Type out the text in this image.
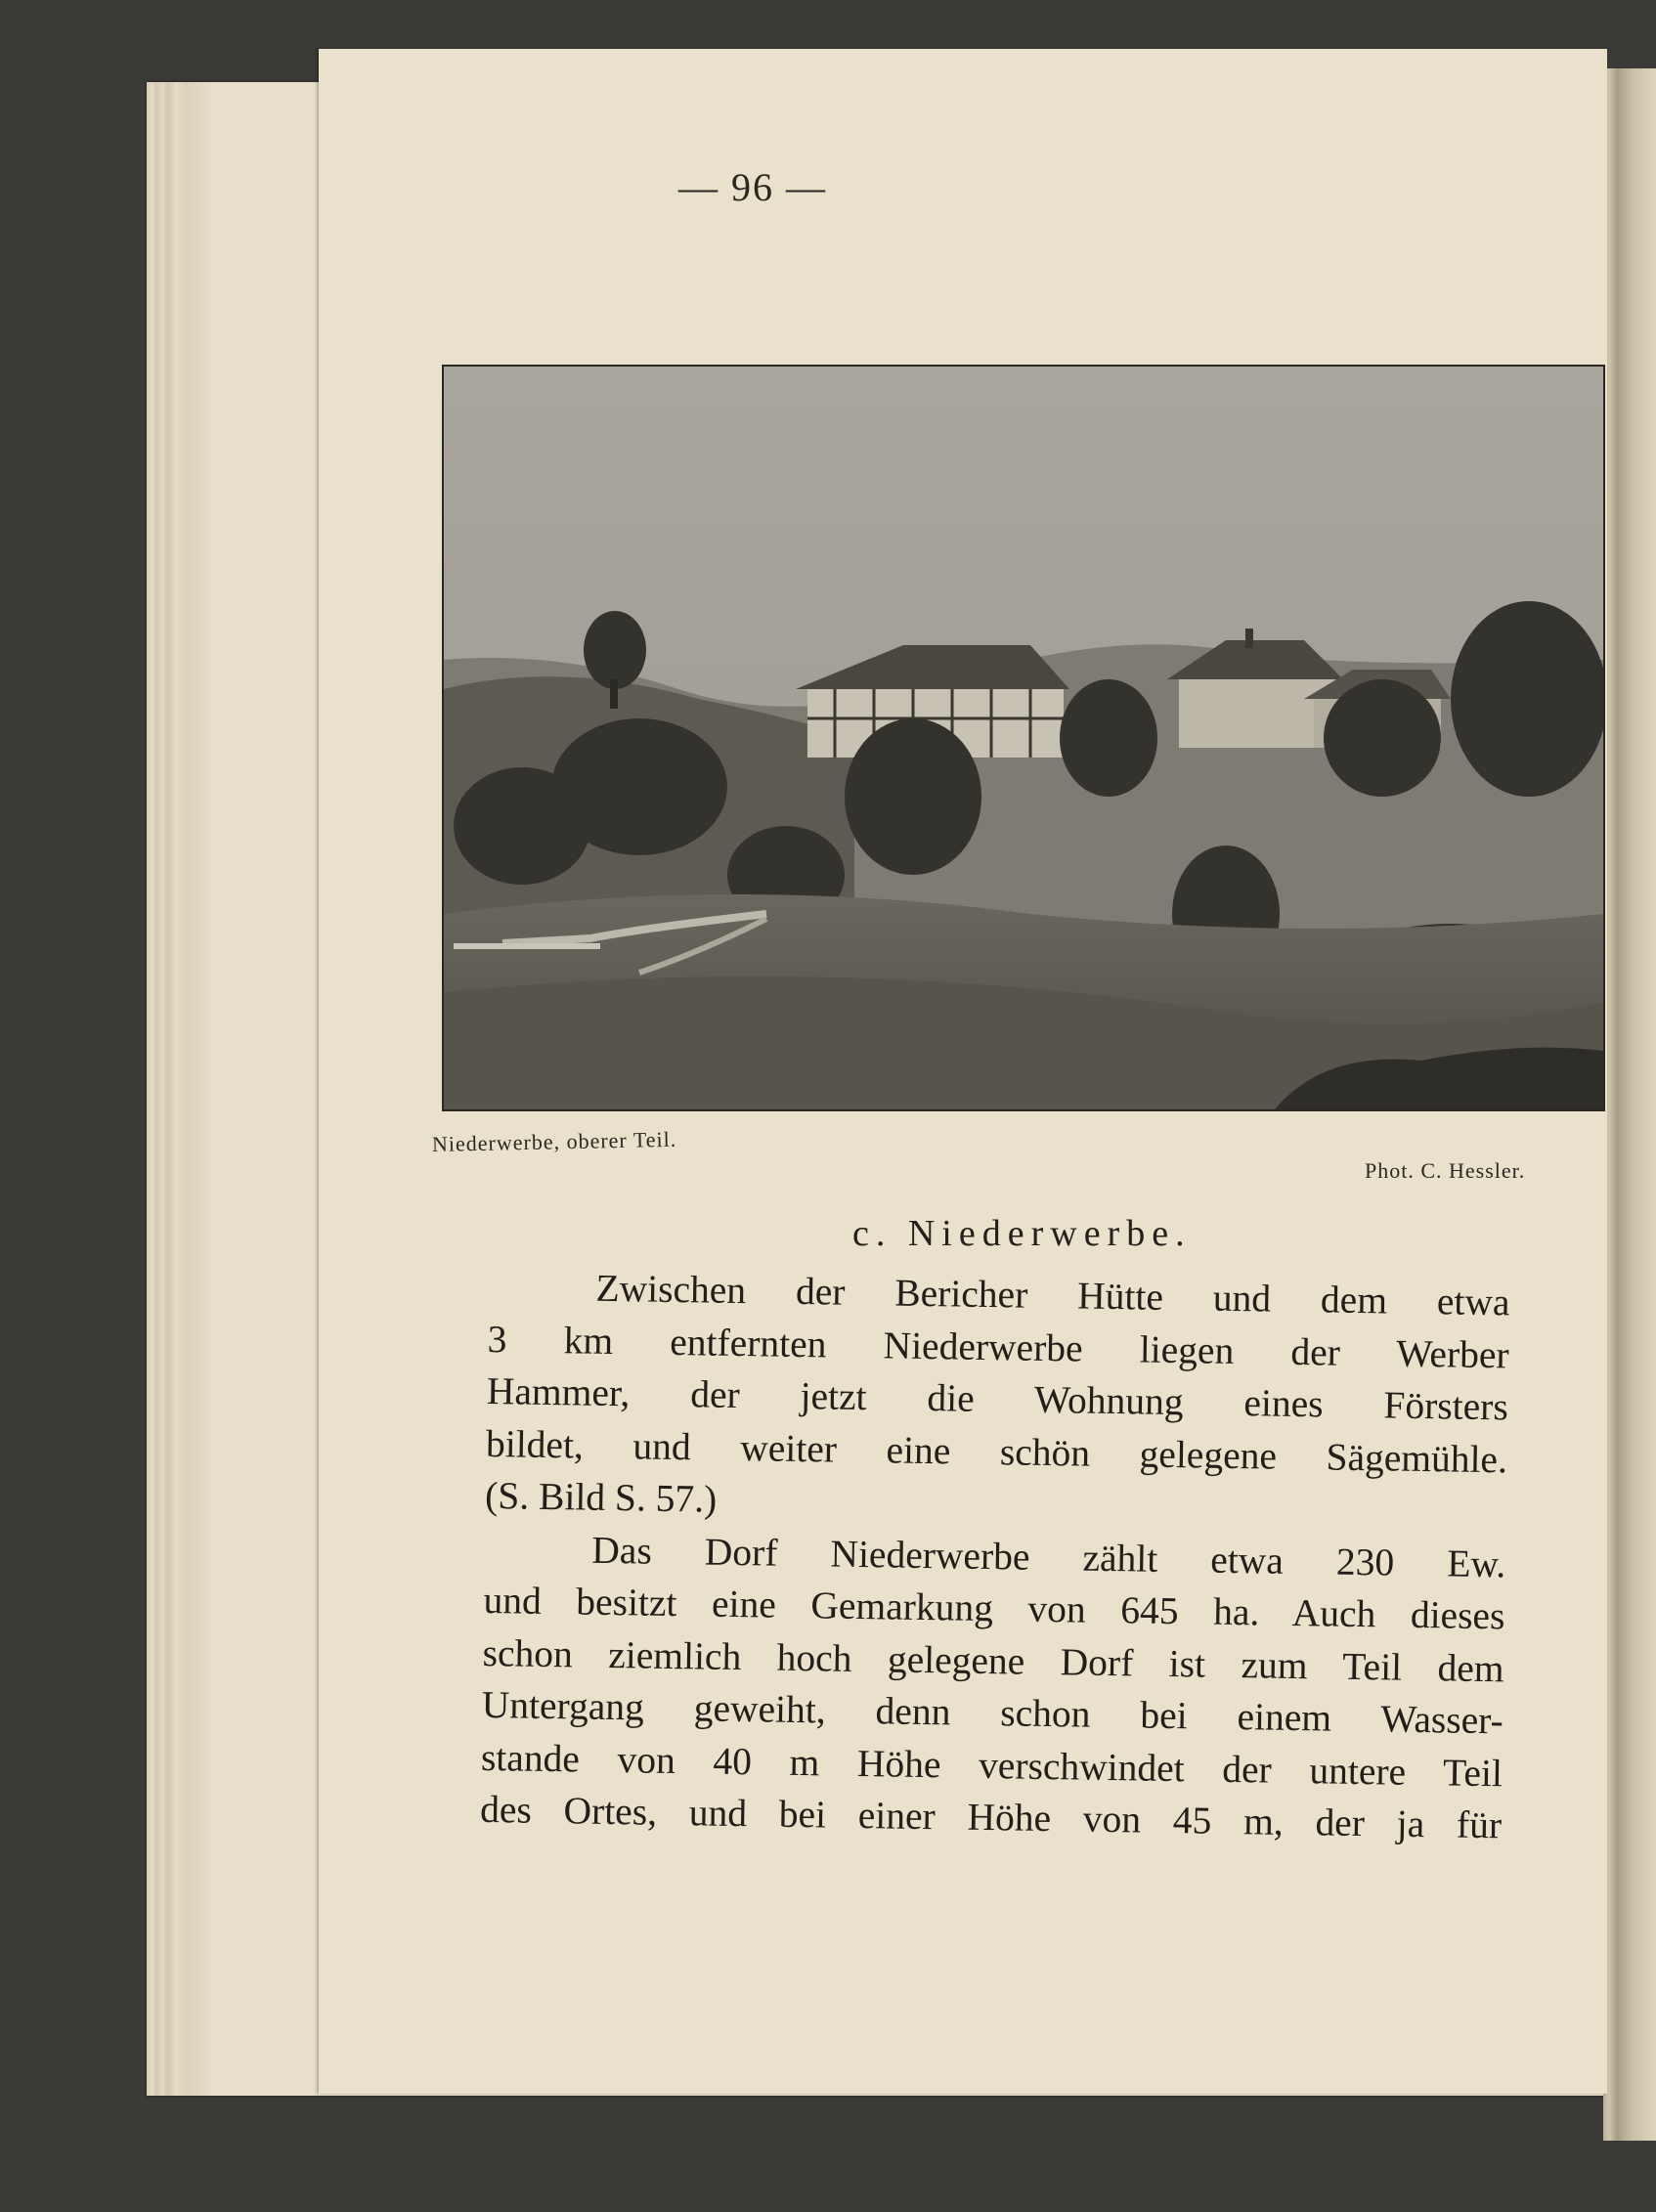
— 96 —
Niederwerbe, oberer Teil.
Phot. C. Hessler.
c. Niederwerbe.
Zwischen der Bericher Hütte und dem etwa
3 km entfernten Niederwerbe liegen der Werber
Hammer, der jetzt die Wohnung eines Försters
bildet, und weiter eine schön gelegene Sägemühle.
(S. Bild S. 57.)
Das Dorf Niederwerbe zählt etwa 230 Ew.
und besitzt eine Gemarkung von 645 ha. Auch dieses
schon ziemlich hoch gelegene Dorf ist zum Teil dem
Untergang geweiht, denn schon bei einem Wasser-
stande von 40 m Höhe verschwindet der untere Teil
des Ortes, und bei einer Höhe von 45 m, der ja für
